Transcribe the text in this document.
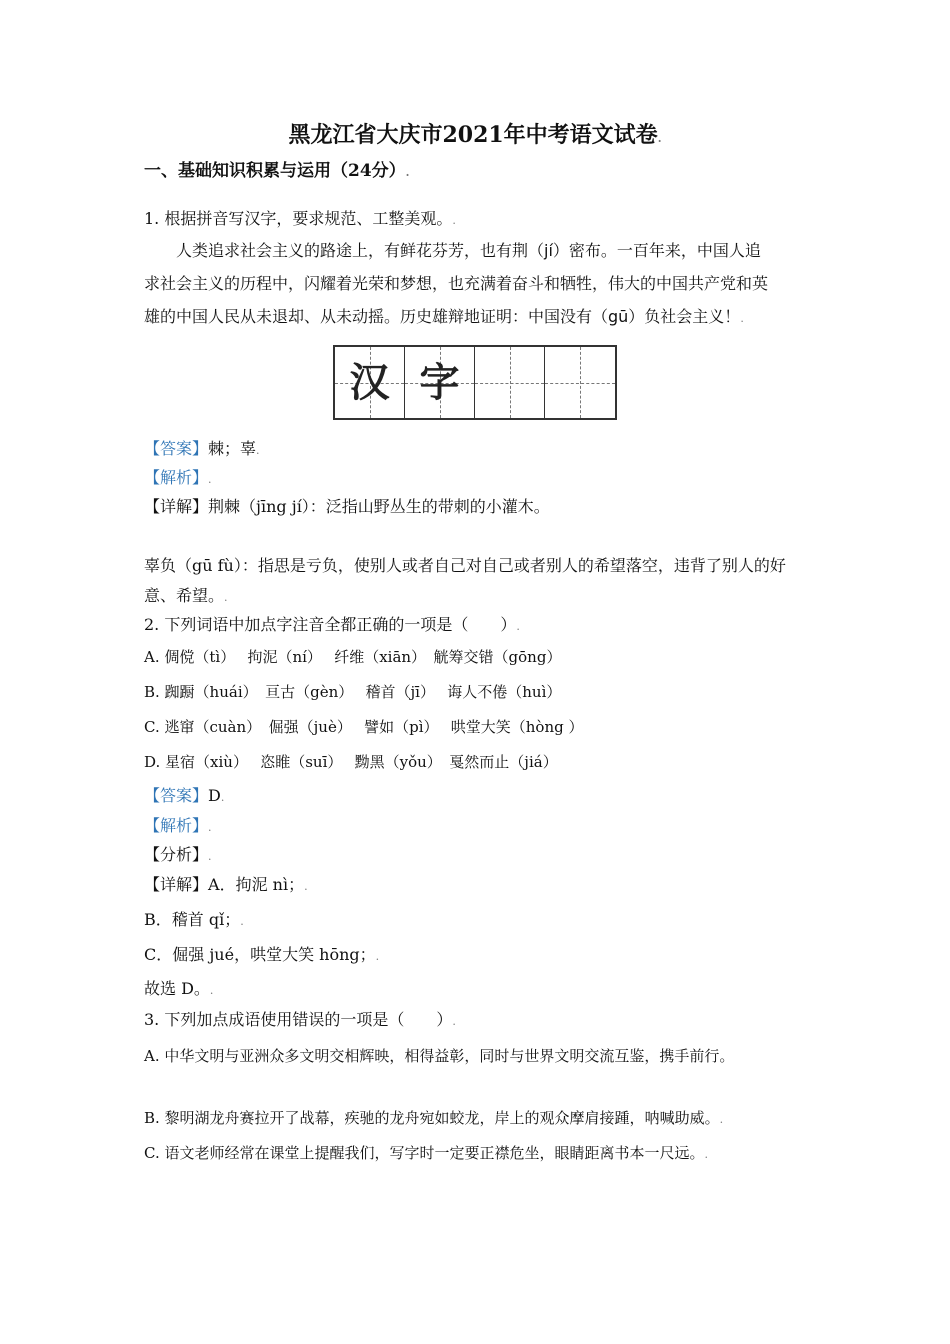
黑龙江省大庆市2021年中考语文试卷.
一、基础知识积累与运用（24分）.
1. 根据拼音写汉字，要求规范、工整美观。.
人类追求社会主义的路途上，有鲜花芬芳，也有荆（jí）密布。一百年来，中国人追
求社会主义的历程中，闪耀着光荣和梦想，也充满着奋斗和牺牲，伟大的中国共产党和英
雄的中国人民从未退却、从未动摇。历史雄辩地证明：中国没有（gū）负社会主义！.
汉 字
【答案】棘；辜.
【解析】.
【详解】荆棘（jīng jí）：泛指山野丛生的带刺的小灌木。
辜负（gū fù）：指思是亏负，使别人或者自己对自己或者别人的希望落空，违背了别人的好
意、希望。.
2. 下列词语中加点字注音全都正确的一项是（　　）.
A. 倜傥（tì）　 拘泥（ní）　 纤维（xiān）　觥筹交错（gōng）
B. 踟蹰（huái）　亘古（gèn）　 稽首（jī）　 诲人不倦（huì）
C. 逃窜（cuàn）　倔强（juè）　 譬如（pì）　 哄堂大笑（hòng ）
D. 星宿（xiù）　 恣睢（suī）　 黝黑（yǒu）　戛然而止（jiá）
【答案】D.
【解析】.
【分析】.
【详解】A．拘泥 nì；.
B．稽首 qǐ；.
C．倔强 jué，哄堂大笑 hōng；.
故选 D。.
3. 下列加点成语使用错误的一项是（　　）.
A. 中华文明与亚洲众多文明交相辉映，相得益彰，同时与世界文明交流互鉴，携手前行。
B. 黎明湖龙舟赛拉开了战幕，疾驰的龙舟宛如蛟龙，岸上的观众摩肩接踵，呐喊助威。.
C. 语文老师经常在课堂上提醒我们，写字时一定要正襟危坐，眼睛距离书本一尺远。.
